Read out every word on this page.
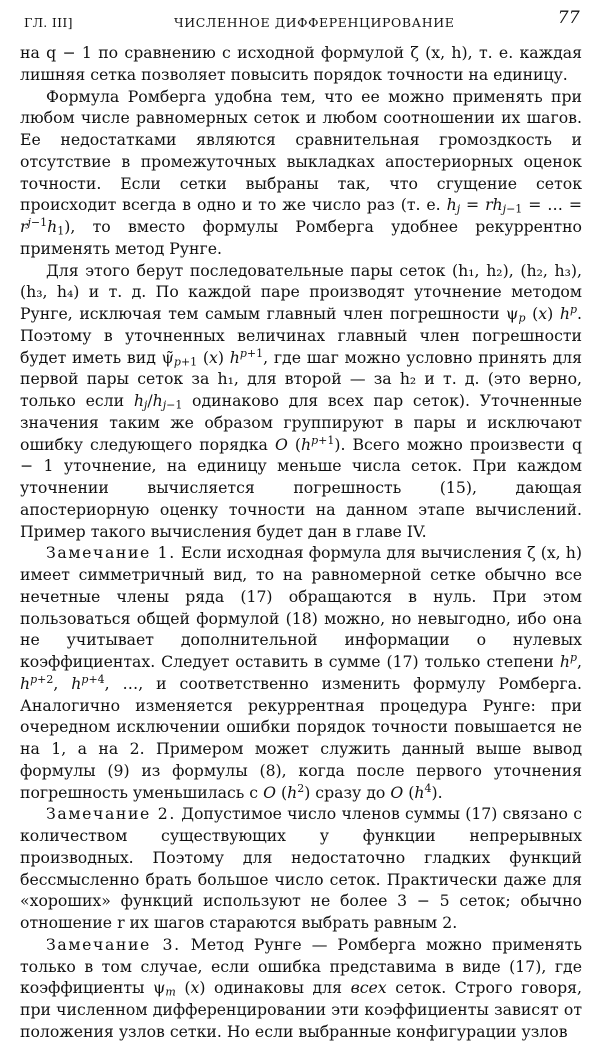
ГЛ. III]	ЧИСЛЕННОЕ ДИФФЕРЕНЦИРОВАНИЕ	77

на q − 1 по сравнению с исходной формулой ζ (x, h), т. е. каждая лишняя сетка позволяет повысить порядок точности на единицу.

Формула Ромберга удобна тем, что ее можно применять при любом числе равномерных сеток и любом соотношении их шагов. Ее недостатками являются сравнительная громоздкость и отсутствие в промежуточных выкладках апостериорных оценок точности. Если сетки выбраны так, что сгущение сеток происходит всегда в одно и то же число раз (т. е. $h_j = rh_{j-1}$ = … = $r^{j-1}h_1$), то вместо формулы Ромберга удобнее рекуррентно применять метод Рунге.

Для этого берут последовательные пары сеток (h₁, h₂), (h₂, h₃), (h₃, h₄) и т. д. По каждой паре производят уточнение методом Рунге, исключая тем самым главный член погрешности $\psi_p$ (x) $h^p$. Поэтому в уточненных величинах главный член погрешности будет иметь вид $\psĩ_{p+1}$ (x) $h^{p+1}$, где шаг можно условно принять для первой пары сеток за h₁, для второй — за h₂ и т. д. (это верно, только если $h_j/h_{j-1}$ одинаково для всех пар сеток). Уточненные значения таким же образом группируют в пары и исключают ошибку следующего порядка O $(h^{p+1})$. Всего можно произвести q − 1 уточнение, на единицу меньше числа сеток. При каждом уточнении вычисляется погрешность (15), дающая апостериорную оценку точности на данном этапе вычислений. Пример такого вычисления будет дан в главе IV.

Замечание 1. Если исходная формула для вычисления ζ (x, h) имеет симметричный вид, то на равномерной сетке обычно все нечетные члены ряда (17) обращаются в нуль. При этом пользоваться общей формулой (18) можно, но невыгодно, ибо она не учитывает дополнительной информации о нулевых коэффициентах. Следует оставить в сумме (17) только степени $h^p$, $h^{p+2}$, $h^{p+4}$, …, и соответственно изменить формулу Ромберга. Аналогично изменяется рекуррентная процедура Рунге: при очередном исключении ошибки порядок точности повышается не на 1, а на 2. Примером может служить данный выше вывод формулы (9) из формулы (8), когда после первого уточнения погрешность уменьшилась с O $(h^2)$ сразу до O $(h^4)$.

Замечание 2. Допустимое число членов суммы (17) связано с количеством существующих у функции непрерывных производных. Поэтому для недостаточно гладких функций бессмысленно брать большое число сеток. Практически даже для «хороших» функций используют не более 3 − 5 сеток; обычно отношение r их шагов стараются выбрать равным 2.

Замечание 3. Метод Рунге — Ромберга можно применять только в том случае, если ошибка представима в виде (17), где коэффициенты $\psi_m$ (x) одинаковы для всех сеток. Строго говоря, при численном дифференцировании эти коэффициенты зависят от положения узлов сетки. Но если выбранные конфигурации узлов
